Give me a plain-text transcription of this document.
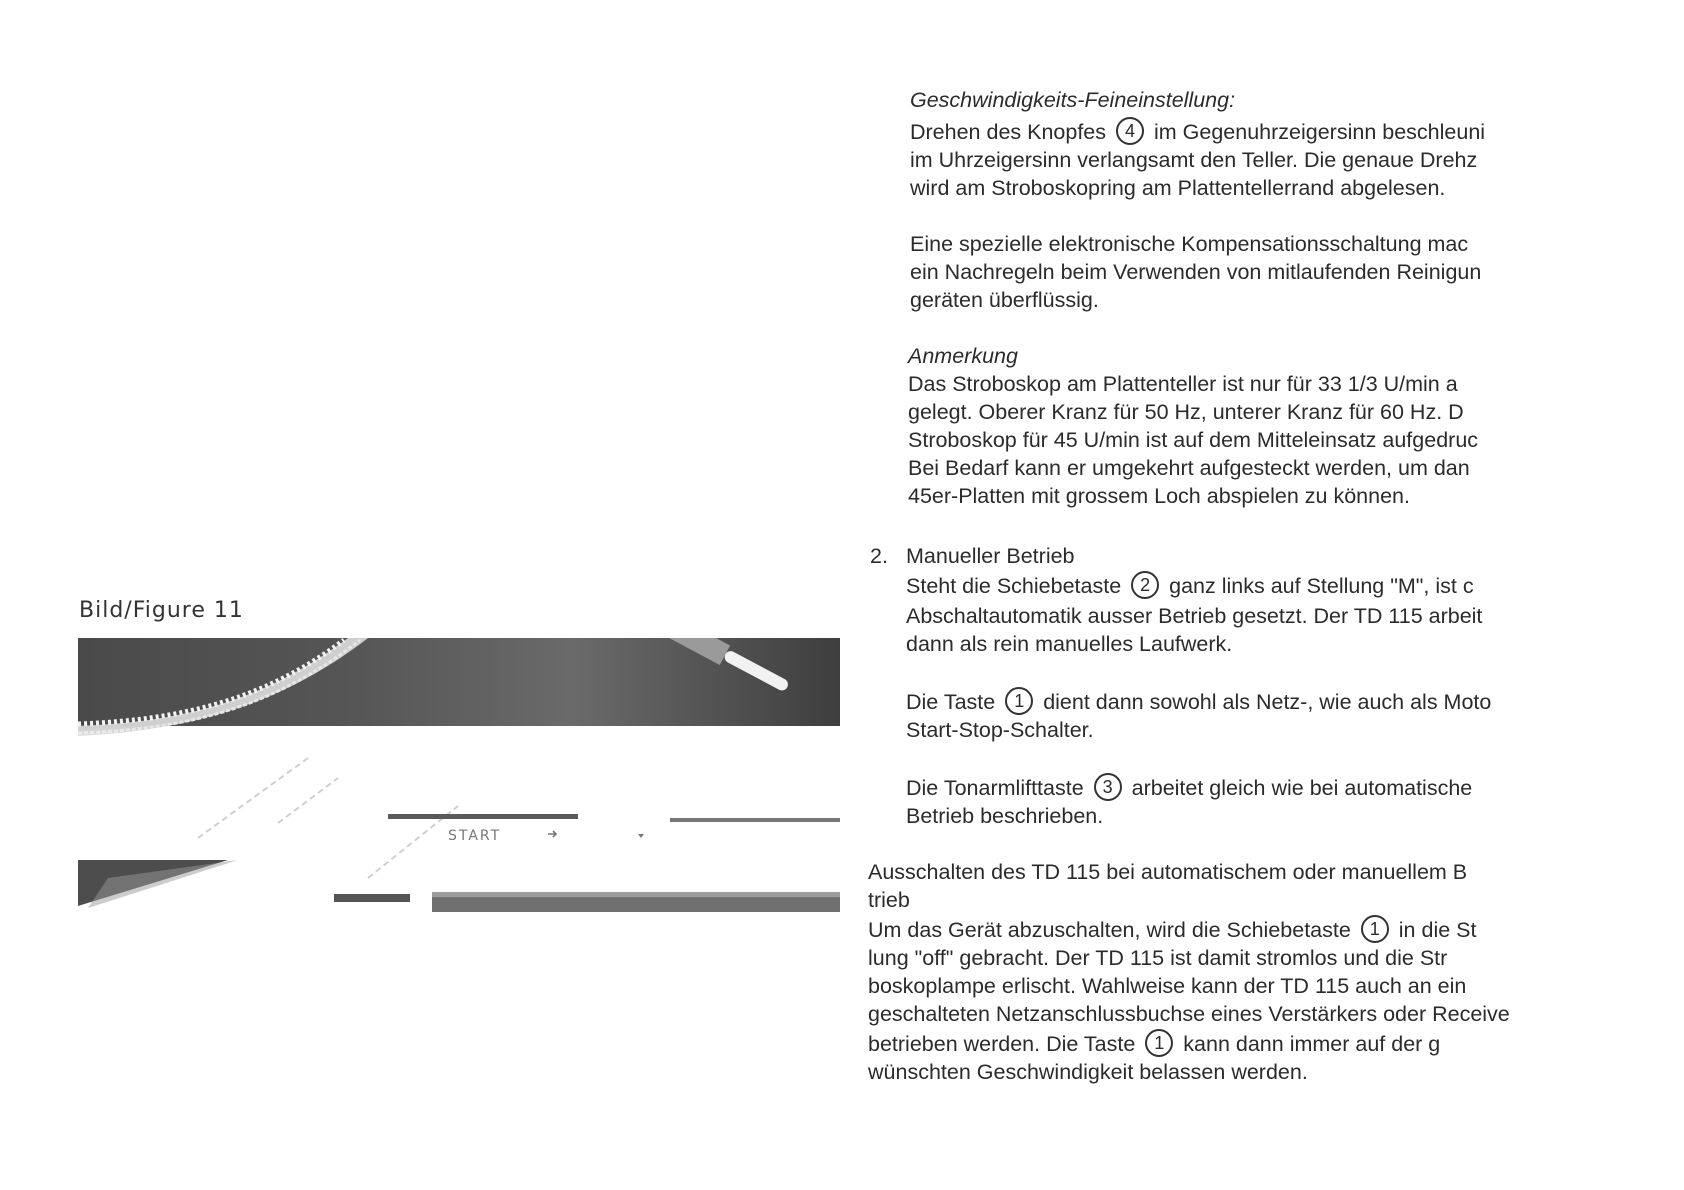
Bild/Figure 11
START
Geschwindigkeits-Feineinstellung:
Drehen des Knopfes 4 im Gegenuhrzeigersinn beschleuni
im Uhrzeigersinn verlangsamt den Teller. Die genaue Drehz
wird am Stroboskopring am Plattentellerrand abgelesen.
Eine spezielle elektronische Kompensationsschaltung mac
ein Nachregeln beim Verwenden von mitlaufenden Reinigun
geräten überflüssig.
Anmerkung
Das Stroboskop am Plattenteller ist nur für 33 1/3 U/min a
gelegt. Oberer Kranz für 50 Hz, unterer Kranz für 60 Hz. D
Stroboskop für 45 U/min ist auf dem Mitteleinsatz aufgedruc
Bei Bedarf kann er umgekehrt aufgesteckt werden, um dan
45er-Platten mit grossem Loch abspielen zu können.
2. Manueller Betrieb
Steht die Schiebetaste 2 ganz links auf Stellung "M", ist c
Abschaltautomatik ausser Betrieb gesetzt. Der TD 115 arbeit
dann als rein manuelles Laufwerk.
Die Taste 1 dient dann sowohl als Netz-, wie auch als Moto
Start-Stop-Schalter.
Die Tonarmlifttaste 3 arbeitet gleich wie bei automatische
Betrieb beschrieben.
Ausschalten des TD 115 bei automatischem oder manuellem B
trieb
Um das Gerät abzuschalten, wird die Schiebetaste 1 in die St
lung "off" gebracht. Der TD 115 ist damit stromlos und die Str
boskoplampe erlischt. Wahlweise kann der TD 115 auch an ein
geschalteten Netzanschlussbuchse eines Verstärkers oder Receive
betrieben werden. Die Taste 1 kann dann immer auf der g
wünschten Geschwindigkeit belassen werden.
